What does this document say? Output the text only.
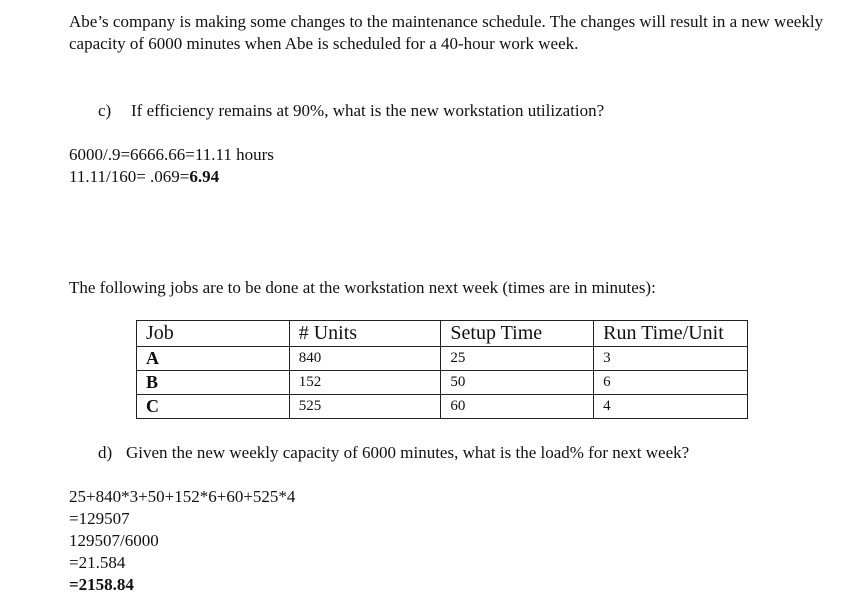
Abe’s company is making some changes to the maintenance schedule. The changes will result in a new weekly capacity of 6000 minutes when Abe is scheduled for a 40-hour work week.

c) If efficiency remains at 90%, what is the new workstation utilization?

6000/.9=6666.66=11.11 hours

11.11/160= .069=6.94

The following jobs are to be done at the workstation next week (times are in minutes):

Job	# Units	Setup Time	Run Time/Unit
A	840	25	3
B	152	50	6
C	525	60	4

d) Given the new weekly capacity of 6000 minutes, what is the load% for next week?

25+840*3+50+152*6+60+525*4

=129507

129507/6000

=21.584

=2158.84
